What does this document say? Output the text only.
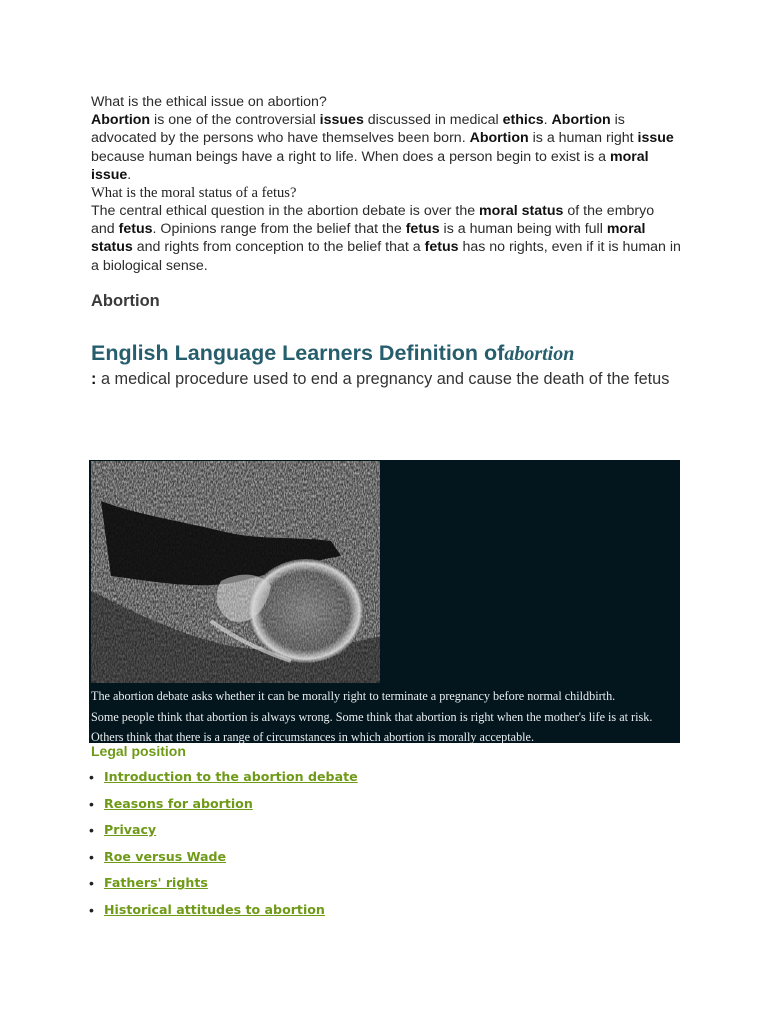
What is the ethical issue on abortion?

Abortion is one of the controversial issues discussed in medical ethics. Abortion is advocated by the persons who have themselves been born. Abortion is a human right issue because human beings have a right to life. When does a person begin to exist is a moral issue.

What is the moral status of a fetus?

The central ethical question in the abortion debate is over the moral status of the embryo and fetus. Opinions range from the belief that the fetus is a human being with full moral status and rights from conception to the belief that a fetus has no rights, even if it is human in a biological sense.

Abortion
English Language Learners Definition ofabortion

: a medical procedure used to end a pregnancy and cause the death of the fetus

The abortion debate asks whether it can be morally right to terminate a pregnancy before normal childbirth.
Some people think that abortion is always wrong. Some think that abortion is right when the mother's life is at risk.
Others think that there is a range of circumstances in which abortion is morally acceptable.
Legal position
• Introduction to the abortion debate
• Reasons for abortion
• Privacy
• Roe versus Wade
• Fathers' rights
• Historical attitudes to abortion
